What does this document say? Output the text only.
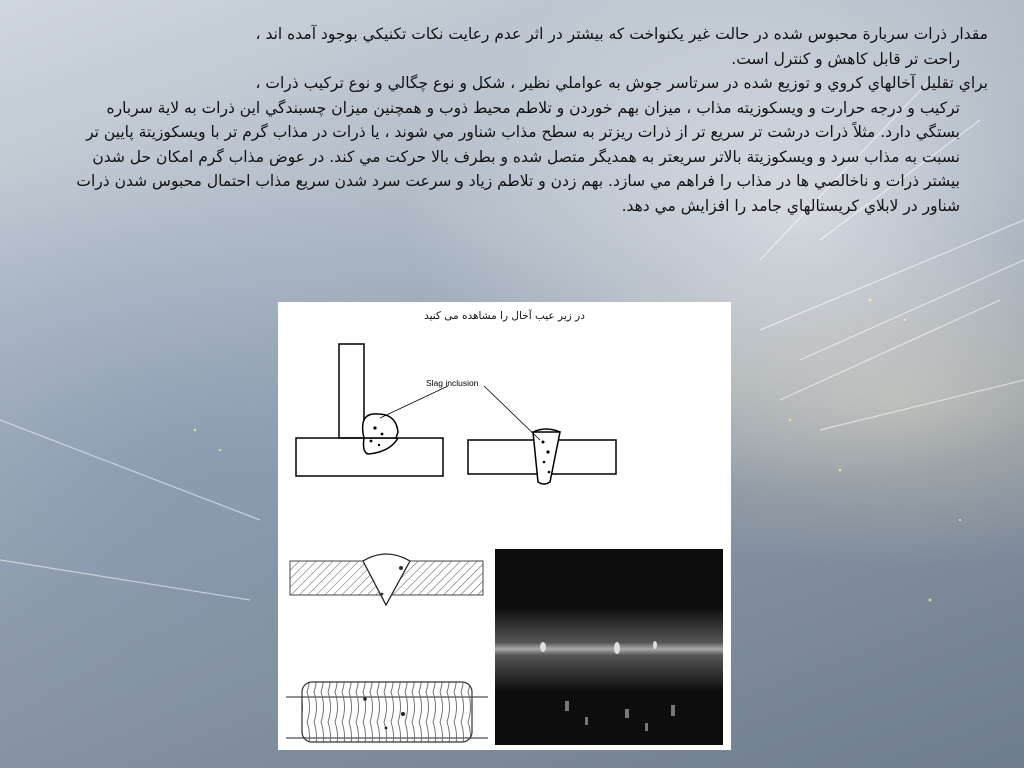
مقدار ذرات سربارة محبوس شده در حالت غير يكنواخت كه بيشتر در اثر عدم رعايت نكات تكنيكي بوجود آمده اند ،
راحت تر قابل كاهش و كنترل است.

براي تقليل آخالهاي كروي و توزيع شده در سرتاسر جوش به عواملي نظير ، شكل و نوع چگالي و نوع تركيب ذرات ،
تركيب و درجه حرارت و ويسكوزيته مذاب ، ميزان بهم خوردن و تلاطم محيط ذوب و همچنين ميزان چسبندگي اين ذرات به لاية سرباره بستگي دارد. مثلاً ذرات درشت تر سريع تر از ذرات ريزتر به سطح مذاب شناور مي شوند ، يا ذرات در مذاب گرم تر با ويسكوزيتة پايين تر نسبت به مذاب سرد و ويسكوزيتة بالاتر سريعتر به همديگر متصل شده و بطرف بالا حركت مي كند. در عوض مذاب گرم امكان حل شدن بيشتر ذرات و ناخالصي ها در مذاب را فراهم مي سازد. بهم زدن و تلاطم زياد و سرعت سرد شدن سريع مذاب احتمال محبوس شدن ذرات شناور در لابلاي كريستالهاي جامد را افزايش مي دهد.

در زیر عیب آخال را مشاهده می کنید
Slag inclusion
